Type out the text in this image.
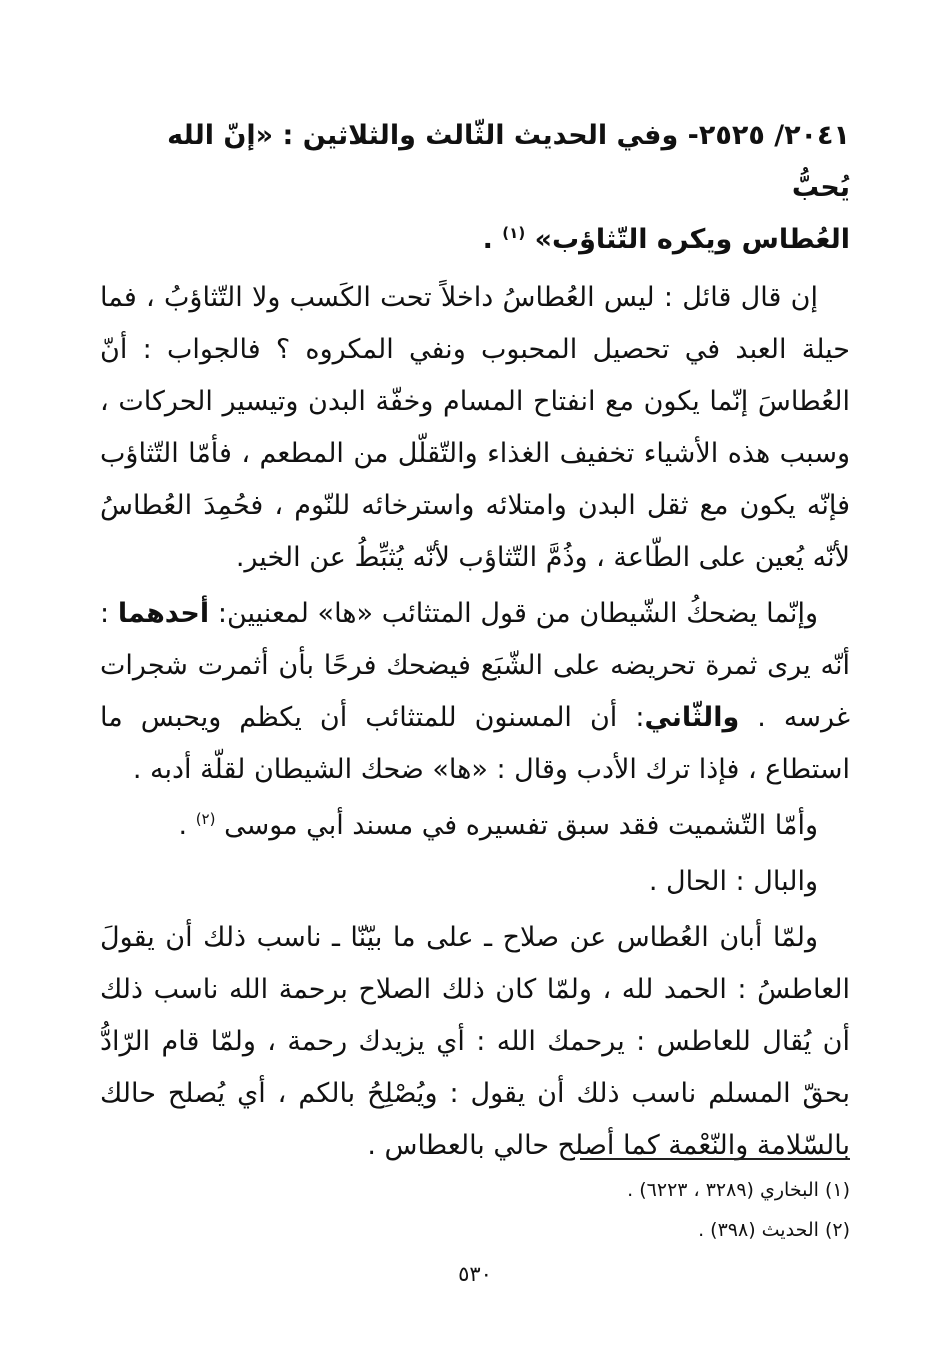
٢٠٤١/ ٢٥٢٥- وفي الحديث الثّالث والثلاثين : «إنّ الله يُحبُّ
العُطاس ويكره التّثاؤب» $^{(١)}$ .

إن قال قائل : ليس العُطاسُ داخلاً تحت الكَسب ولا التّثاؤبُ ، فما حيلة العبد في تحصيل المحبوب ونفي المكروه ؟ فالجواب : أنّ العُطاسَ إنّما يكون مع انفتاح المسام وخفّة البدن وتيسير الحركات ، وسبب هذه الأشياء تخفيف الغذاء والتّقلّل من المطعم ، فأمّا التّثاؤب فإنّه يكون مع ثقل البدن وامتلائه واسترخائه للنّوم ، فحُمِدَ العُطاسُ لأنّه يُعين على الطّاعة ، وذُمَّ التّثاؤب لأنّه يُثبِّطُ عن الخير.

وإنّما يضحكُ الشّيطان من قول المتثائب «ها» لمعنيين: أحدهما : أنّه يرى ثمرة تحريضه على الشّبَع فيضحك فرحًا بأن أثمرت شجرات غرسه . والثّاني: أن المسنون للمتثائب أن يكظم ويحبس ما استطاع ، فإذا ترك الأدب وقال : «ها» ضحك الشيطان لقلّة أدبه .

وأمّا التّشميت فقد سبق تفسيره في مسند أبي موسى $^{(٢)}$ .

والبال : الحال .

ولمّا أبان العُطاس عن صلاح ـ على ما بيّنّا ـ ناسب ذلك أن يقولَ العاطسُ : الحمد لله ، ولمّا كان ذلك الصلاح برحمة الله ناسب ذلك أن يُقال للعاطس : يرحمك الله : أي يزيدك رحمة ، ولمّا قام الرّادُّ بحقّ المسلم ناسب ذلك أن يقول : ويُصْلِحُ بالكم ، أي يُصلح حالك بالسّلامة والنّعْمة كما أصلح حالي بالعطاس .

(١) البخاري (٣٢٨٩ ، ٦٢٢٣) .
(٢) الحديث (٣٩٨) .
٥٣٠
